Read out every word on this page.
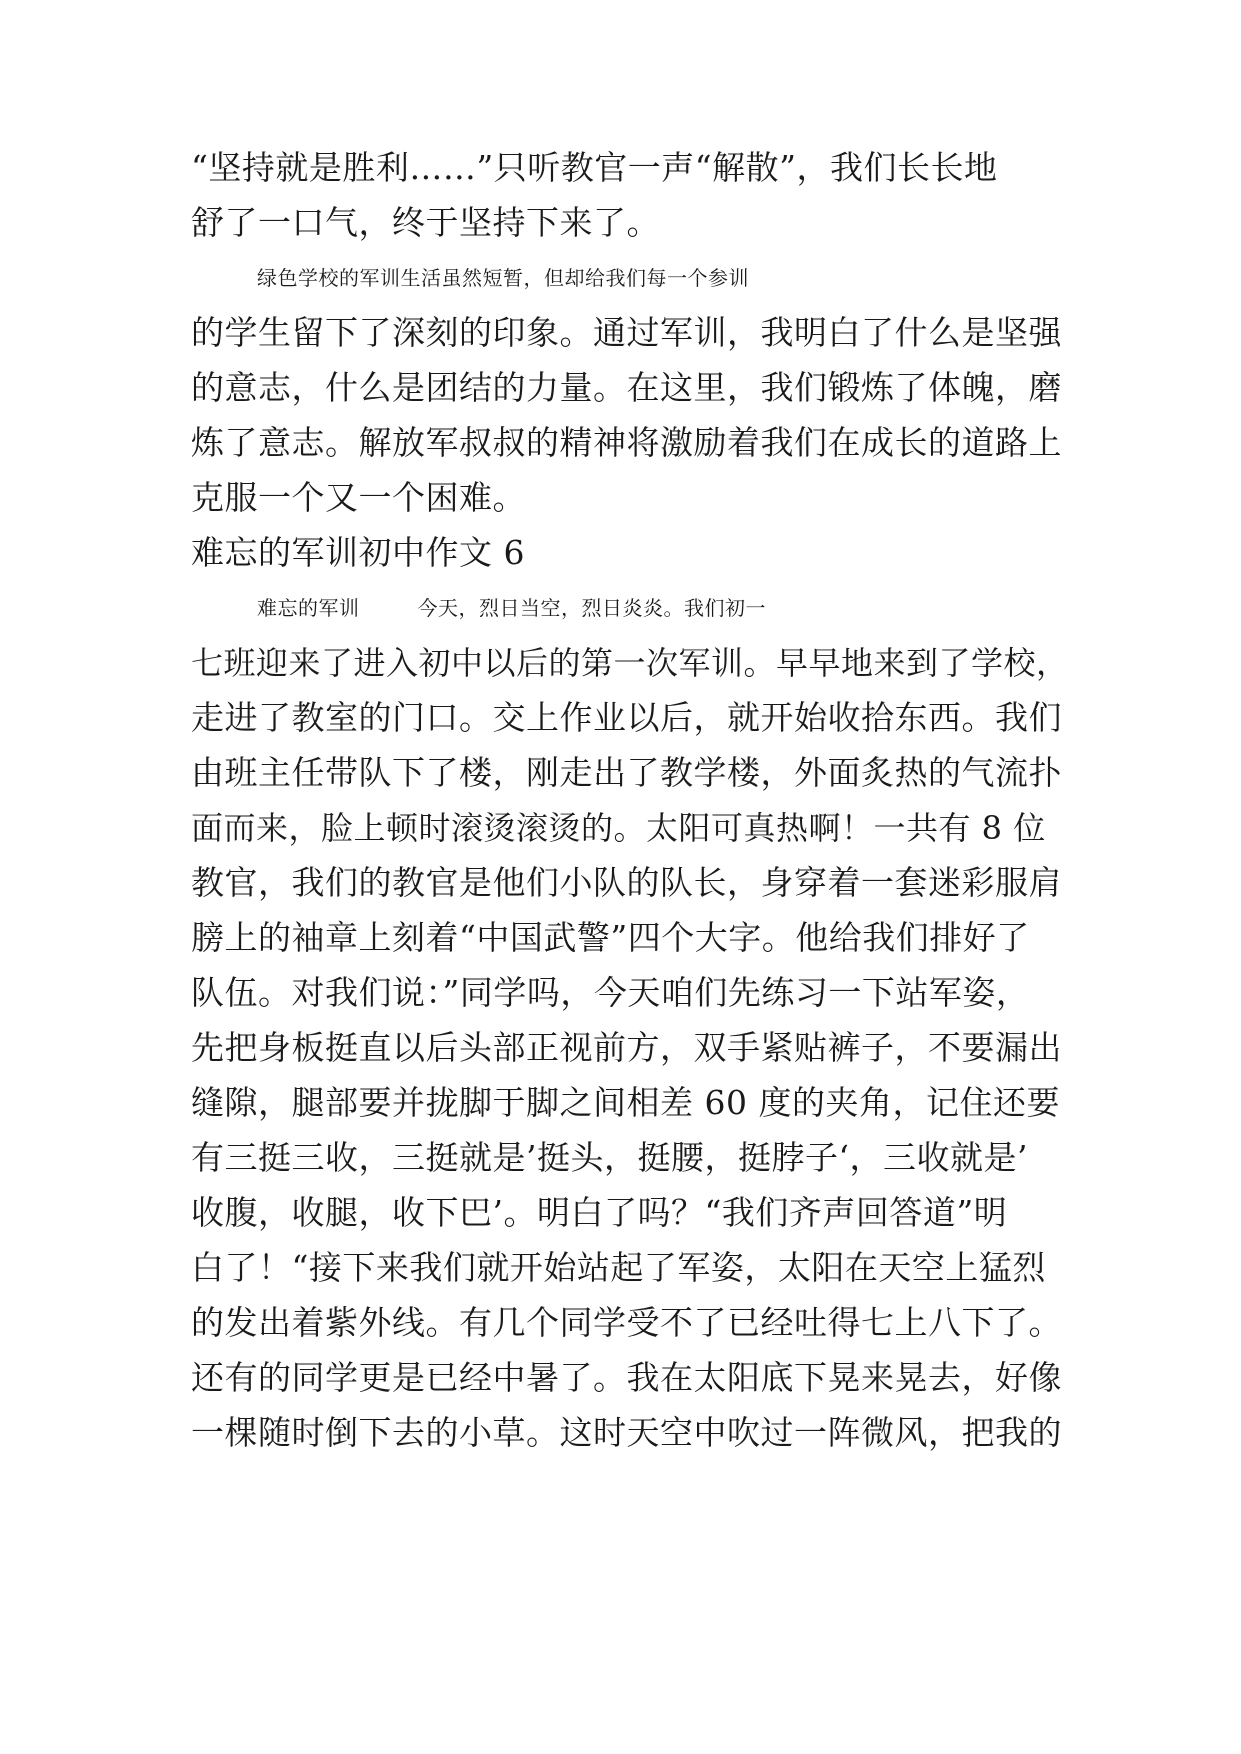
“坚持就是胜利……”只听教官一声“解散”，我们长长地
舒了一口气，终于坚持下来了。
绿色学校的军训生活虽然短暂，但却给我们每一个参训
的学生留下了深刻的印象。通过军训，我明白了什么是坚强
的意志，什么是团结的力量。在这里，我们锻炼了体魄，磨
炼了意志。解放军叔叔的精神将激励着我们在成长的道路上
克服一个又一个困难。
难忘的军训初中作文 6
难忘的军训	今天，烈日当空，烈日炎炎。我们初一
七班迎来了进入初中以后的第一次军训。早早地来到了学校，
走进了教室的门口。交上作业以后，就开始收拾东西。我们
由班主任带队下了楼，刚走出了教学楼，外面炙热的气流扑
面而来，脸上顿时滚烫滚烫的。太阳可真热啊！一共有 8 位
教官，我们的教官是他们小队的队长，身穿着一套迷彩服肩
膀上的袖章上刻着“中国武警”四个大字。他给我们排好了
队伍。对我们说：”同学吗，今天咱们先练习一下站军姿，
先把身板挺直以后头部正视前方，双手紧贴裤子，不要漏出
缝隙，腿部要并拢脚于脚之间相差 60 度的夹角，记住还要
有三挺三收，三挺就是’挺头，挺腰，挺脖子‘，三收就是’
收腹，收腿，收下巴’。明白了吗？“我们齐声回答道”明
白了！“接下来我们就开始站起了军姿，太阳在天空上猛烈
的发出着紫外线。有几个同学受不了已经吐得七上八下了。
还有的同学更是已经中暑了。我在太阳底下晃来晃去，好像
一棵随时倒下去的小草。这时天空中吹过一阵微风，把我的
